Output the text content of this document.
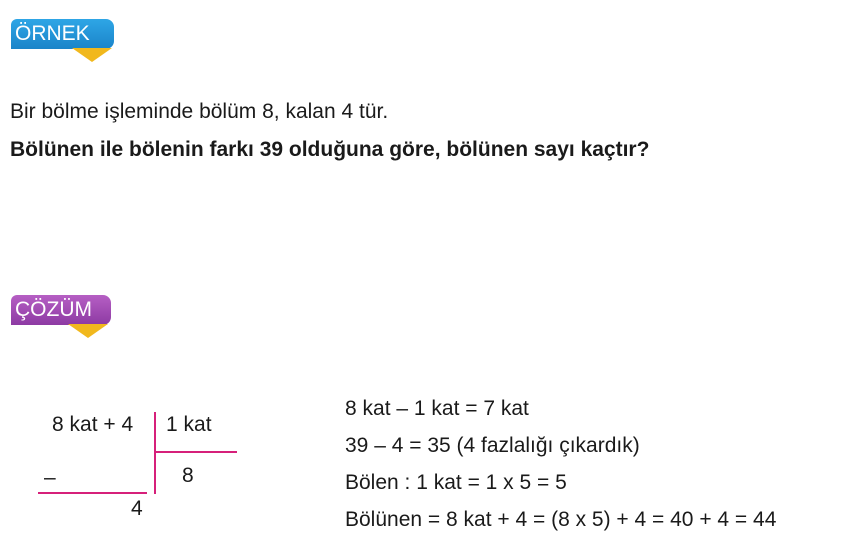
ÖRNEK
Bir bölme işleminde bölüm 8, kalan 4 tür.
Bölünen ile bölenin farkı 39 olduğuna göre, bölünen sayı kaçtır?
ÇÖZÜM
8 kat + 4 1 kat
–	8
4
8 kat – 1 kat = 7 kat
39 – 4 = 35 (4 fazlalığı çıkardık)
Bölen : 1 kat = 1 x 5 = 5
Bölünen = 8 kat + 4 = (8 x 5) + 4 = 40 + 4 = 44
